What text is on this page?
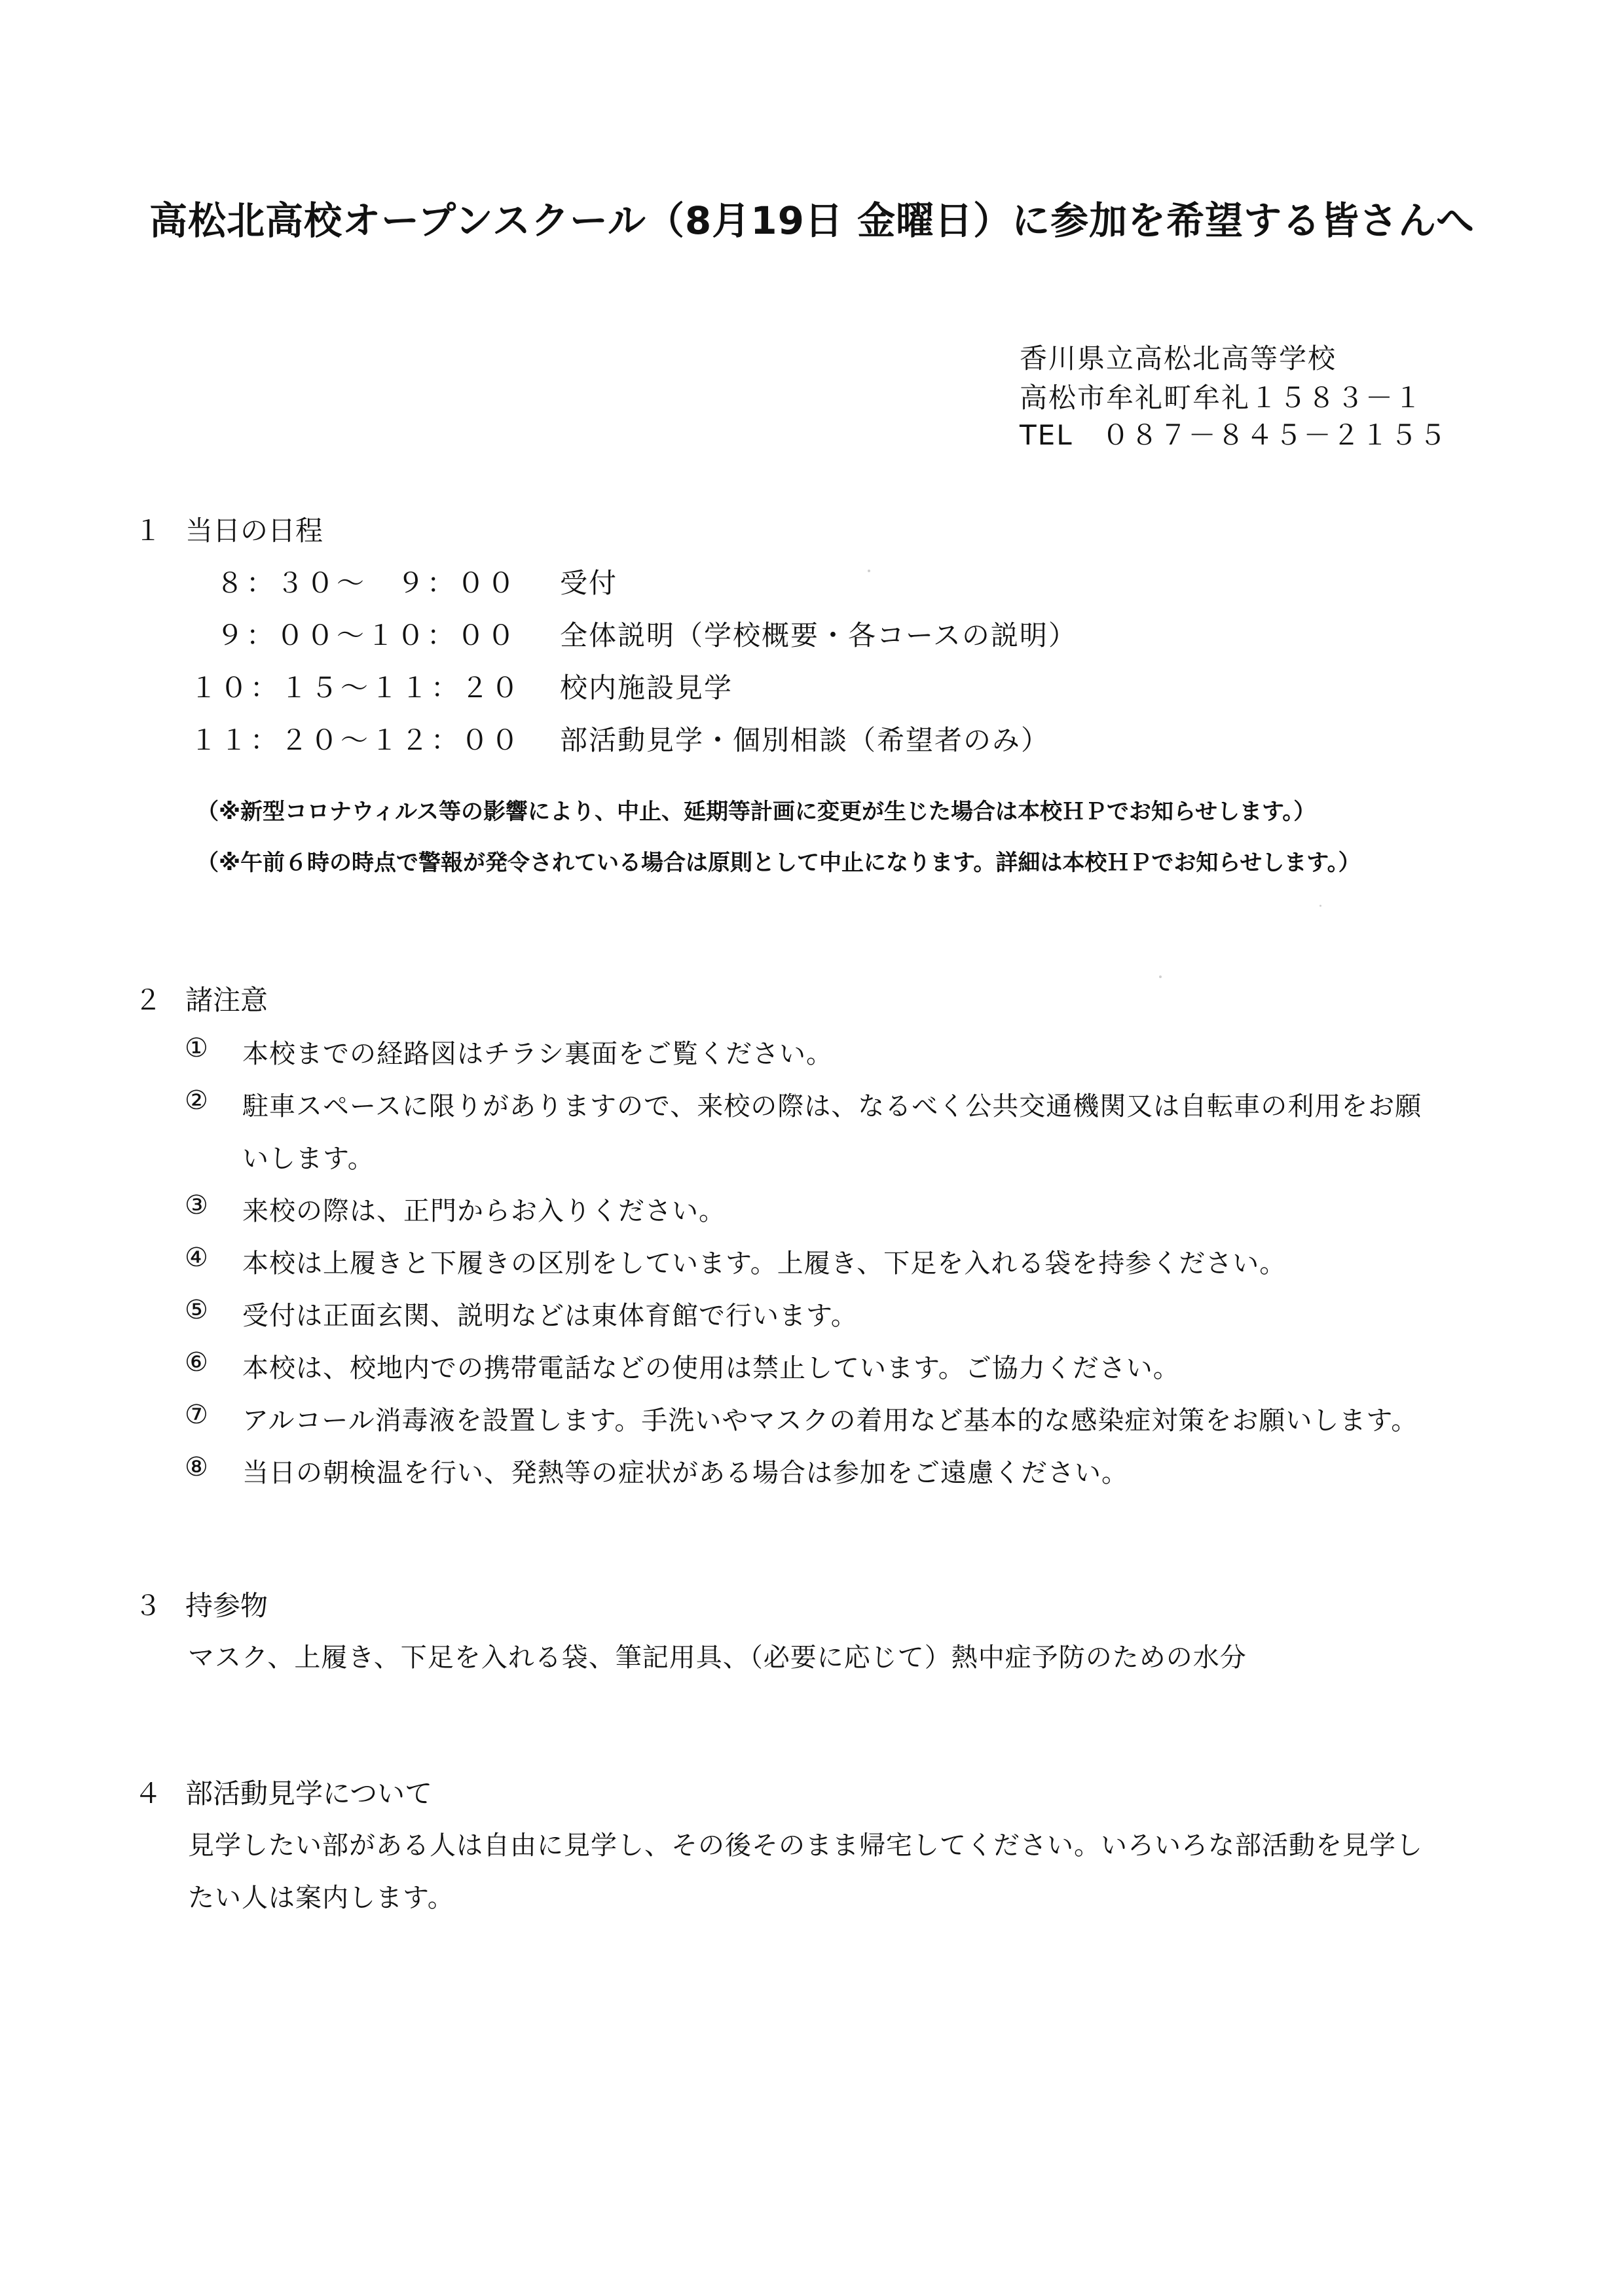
高松北高校オープンスクール（8月19日 金曜日）に参加を希望する皆さんへ
香川県立高松北高等学校
高松市牟礼町牟礼１５８３－１
TEL　０８７－８４５－２１５５
１ 当日の日程
８：３０～　９：００ 受付
９：００～１０：００ 全体説明（学校概要・各コースの説明）
１０：１５～１１：２０ 校内施設見学
１１：２０～１２：００ 部活動見学・個別相談（希望者のみ）
（※新型コロナウィルス等の影響により、中止、延期等計画に変更が生じた場合は本校ＨＰでお知らせします。）
（※午前６時の時点で警報が発令されている場合は原則として中止になります。詳細は本校ＨＰでお知らせします。）
２ 諸注意
① 本校までの経路図はチラシ裏面をご覧ください。
② 駐車スペースに限りがありますので、来校の際は、なるべく公共交通機関又は自転車の利用をお願
いします。
③ 来校の際は、正門からお入りください。
④ 本校は上履きと下履きの区別をしています。上履き、下足を入れる袋を持参ください。
⑤ 受付は正面玄関、説明などは東体育館で行います。
⑥ 本校は、校地内での携帯電話などの使用は禁止しています。ご協力ください。
⑦ アルコール消毒液を設置します。手洗いやマスクの着用など基本的な感染症対策をお願いします。
⑧ 当日の朝検温を行い、発熱等の症状がある場合は参加をご遠慮ください。
３ 持参物
マスク、上履き、下足を入れる袋、筆記用具、（必要に応じて）熱中症予防のための水分
４ 部活動見学について
見学したい部がある人は自由に見学し、その後そのまま帰宅してください。いろいろな部活動を見学し
たい人は案内します。
